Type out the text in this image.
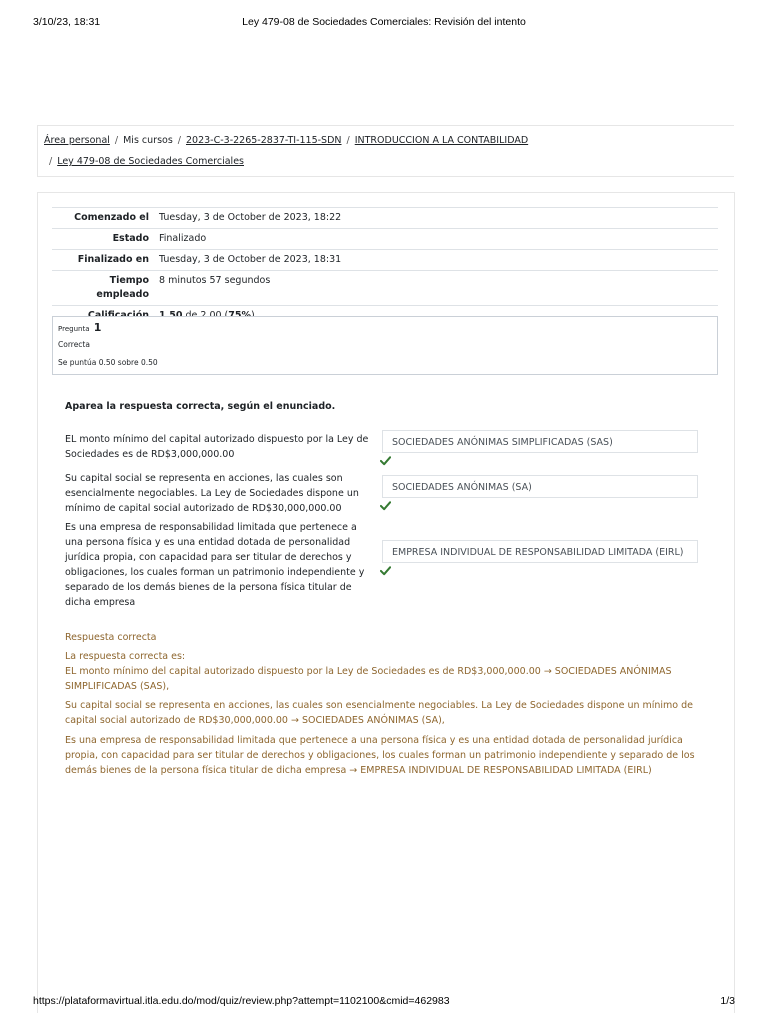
3/10/23, 18:31	Ley 479-08 de Sociedades Comerciales: Revisión del intento
Área personal / Mis cursos / 2023-C-3-2265-2837-TI-115-SDN / INTRODUCCION A LA CONTABILIDAD
/ Ley 479-08 de Sociedades Comerciales
Comenzado el	Tuesday, 3 de October de 2023, 18:22
Estado	Finalizado
Finalizado en	Tuesday, 3 de October de 2023, 18:31
Tiempo empleado	8 minutos 57 segundos

Pregunta 1
Correcta
Se puntúa 0.50 sobre 0.50
Aparea la respuesta correcta, según el enunciado.
EL monto mínimo del capital autorizado dispuesto por la Ley de Sociedades es de RD$3,000,000.00
SOCIEDADES ANÓNIMAS SIMPLIFICADAS (SAS)
Su capital social se representa en acciones, las cuales son esencialmente negociables. La Ley de Sociedades dispone un mínimo de capital social autorizado de RD$30,000,000.00
SOCIEDADES ANÓNIMAS (SA)
Es una empresa de responsabilidad limitada que pertenece a una persona física y es una entidad dotada de personalidad jurídica propia, con capacidad para ser titular de derechos y obligaciones, los cuales forman un patrimonio independiente y separado de los demás bienes de la persona física titular de dicha empresa
EMPRESA INDIVIDUAL DE RESPONSABILIDAD LIMITADA (EIRL)
Respuesta correcta
La respuesta correcta es:
EL monto mínimo del capital autorizado dispuesto por la Ley de Sociedades es de RD$3,000,000.00 → SOCIEDADES ANÓNIMAS SIMPLIFICADAS (SAS),
Su capital social se representa en acciones, las cuales son esencialmente negociables. La Ley de Sociedades dispone un mínimo de capital social autorizado de RD$30,000,000.00 → SOCIEDADES ANÓNIMAS (SA),
Es una empresa de responsabilidad limitada que pertenece a una persona física y es una entidad dotada de personalidad jurídica propia, con capacidad para ser titular de derechos y obligaciones, los cuales forman un patrimonio independiente y separado de los demás bienes de la persona física titular de dicha empresa → EMPRESA INDIVIDUAL DE RESPONSABILIDAD LIMITADA (EIRL)
https://plataformavirtual.itla.edu.do/mod/quiz/review.php?attempt=1102100&cmid=462983	1/3
